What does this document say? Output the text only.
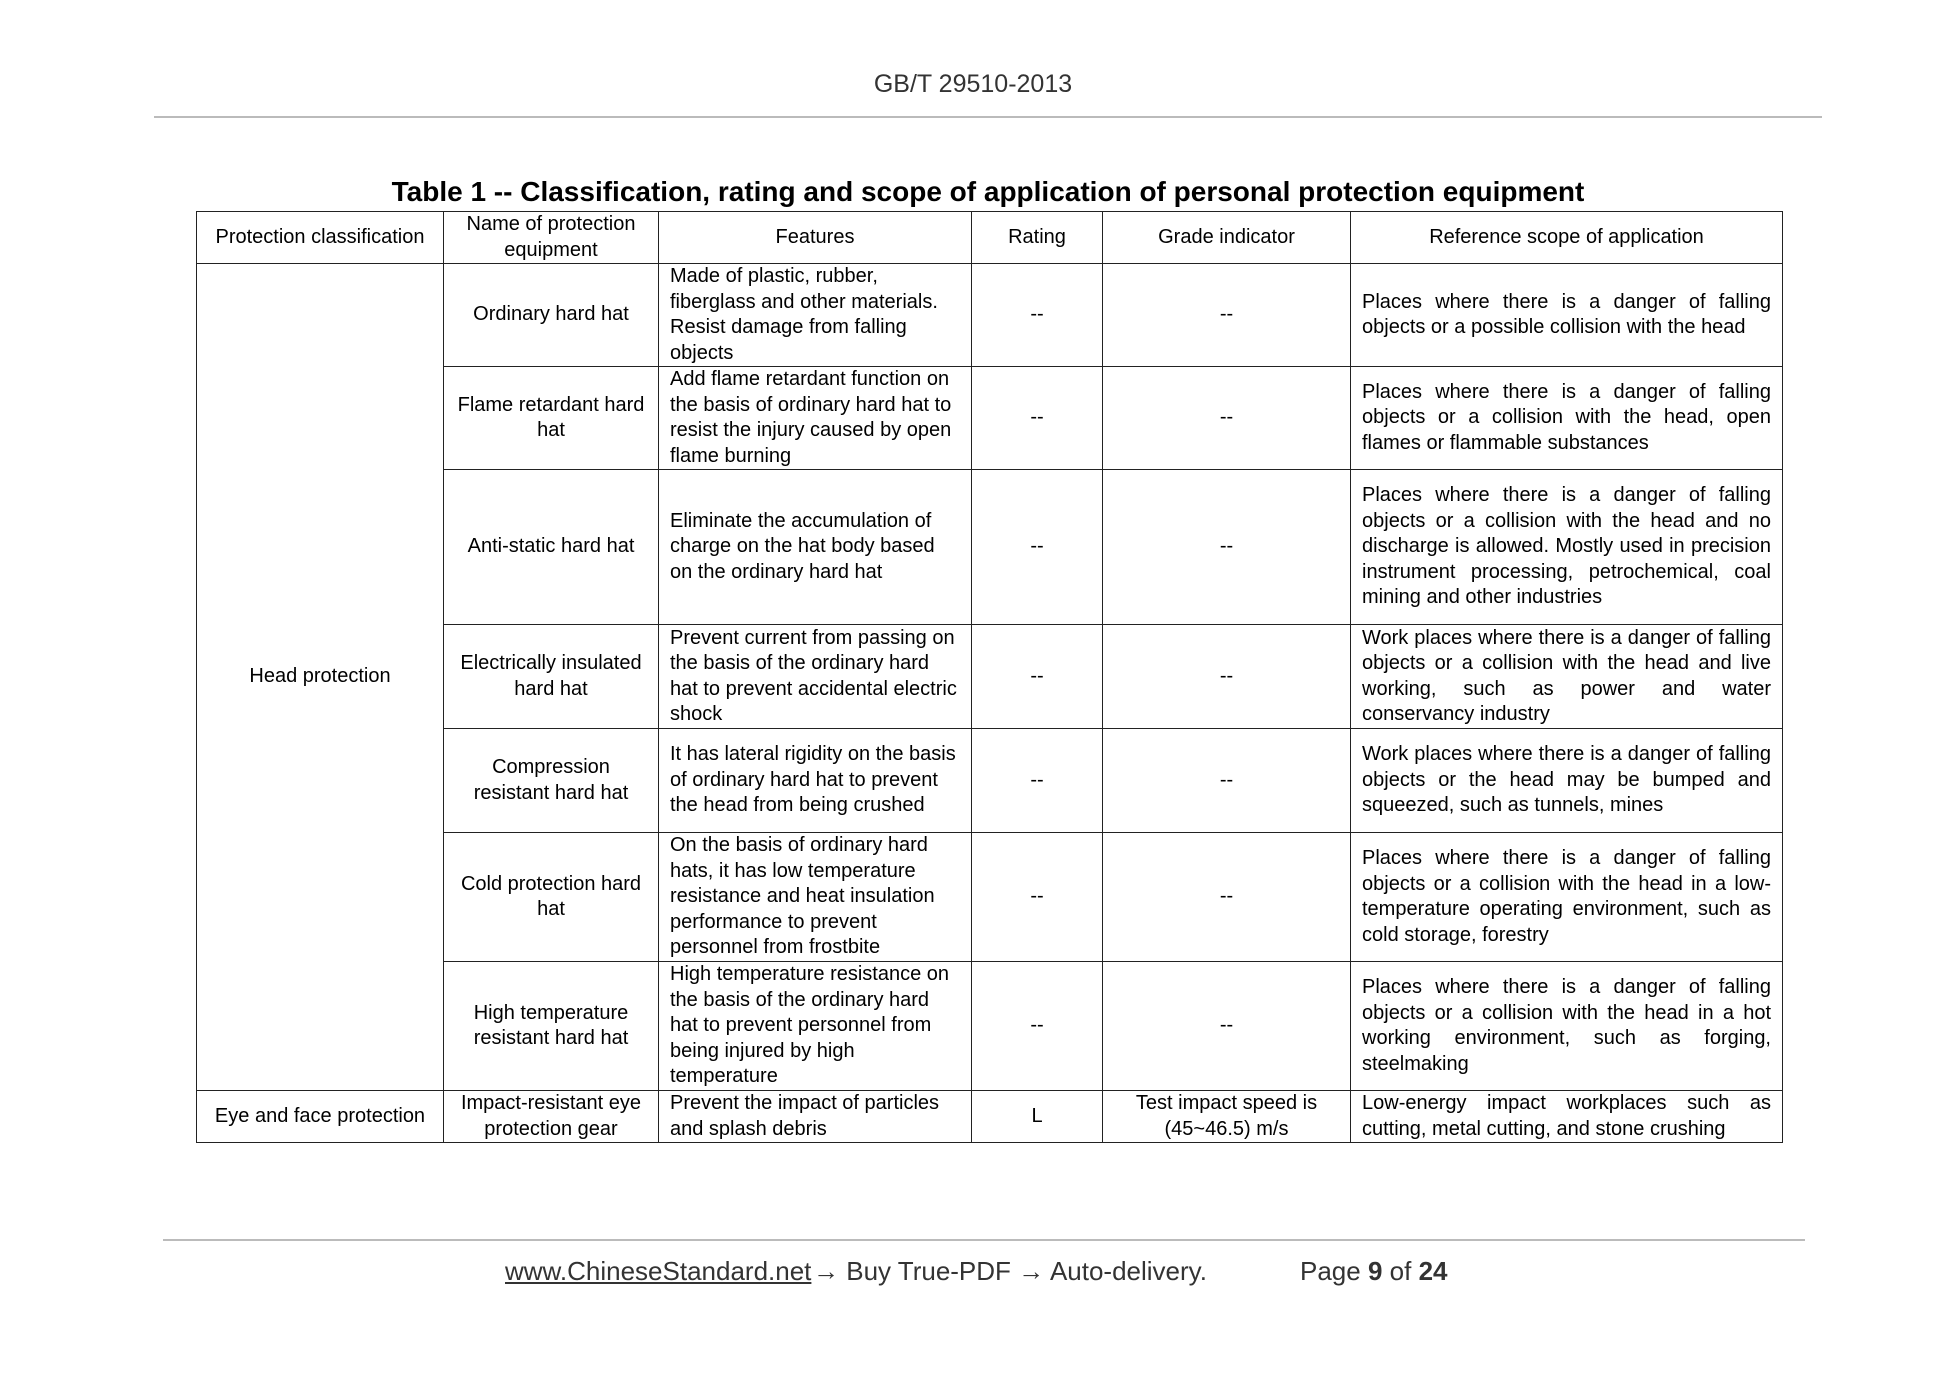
GB/T 29510-2013
Table 1 -- Classification, rating and scope of application of personal protection equipment
Protection classification	Name of protection equipment	Features	Rating	Grade indicator	Reference scope of application
Head protection	Ordinary hard hat	Made of plastic, rubber, fiberglass and other materials. Resist damage from falling objects	--	--	Places where there is a danger of falling objects or a possible collision with the head
	Flame retardant hard hat	Add flame retardant function on the basis of ordinary hard hat to resist the injury caused by open flame burning	--	--	Places where there is a danger of falling objects or a collision with the head, open flames or flammable substances
	Anti-static hard hat	Eliminate the accumulation of charge on the hat body based on the ordinary hard hat	--	--	Places where there is a danger of falling objects or a collision with the head and no discharge is allowed. Mostly used in precision instrument processing, petrochemical, coal mining and other industries
	Electrically insulated hard hat	Prevent current from passing on the basis of the ordinary hard hat to prevent accidental electric shock	--	--	Work places where there is a danger of falling objects or a collision with the head and live working, such as power and water conservancy industry
	Compression resistant hard hat	It has lateral rigidity on the basis of ordinary hard hat to prevent the head from being crushed	--	--	Work places where there is a danger of falling objects or the head may be bumped and squeezed, such as tunnels, mines
	Cold protection hard hat	On the basis of ordinary hard hats, it has low temperature resistance and heat insulation performance to prevent personnel from frostbite	--	--	Places where there is a danger of falling objects or a collision with the head in a low-temperature operating environment, such as cold storage, forestry
	High temperature resistant hard hat	High temperature resistance on the basis of the ordinary hard hat to prevent personnel from being injured by high temperature	--	--	Places where there is a danger of falling objects or a collision with the head in a hot working environment, such as forging, steelmaking
Eye and face protection	Impact-resistant eye protection gear	Prevent the impact of particles and splash debris	L	Test impact speed is (45~46.5) m/s	Low-energy impact workplaces such as cutting, metal cutting, and stone crushing
www.ChineseStandard.net → Buy True-PDF → Auto-delivery.	Page 9 of 24
